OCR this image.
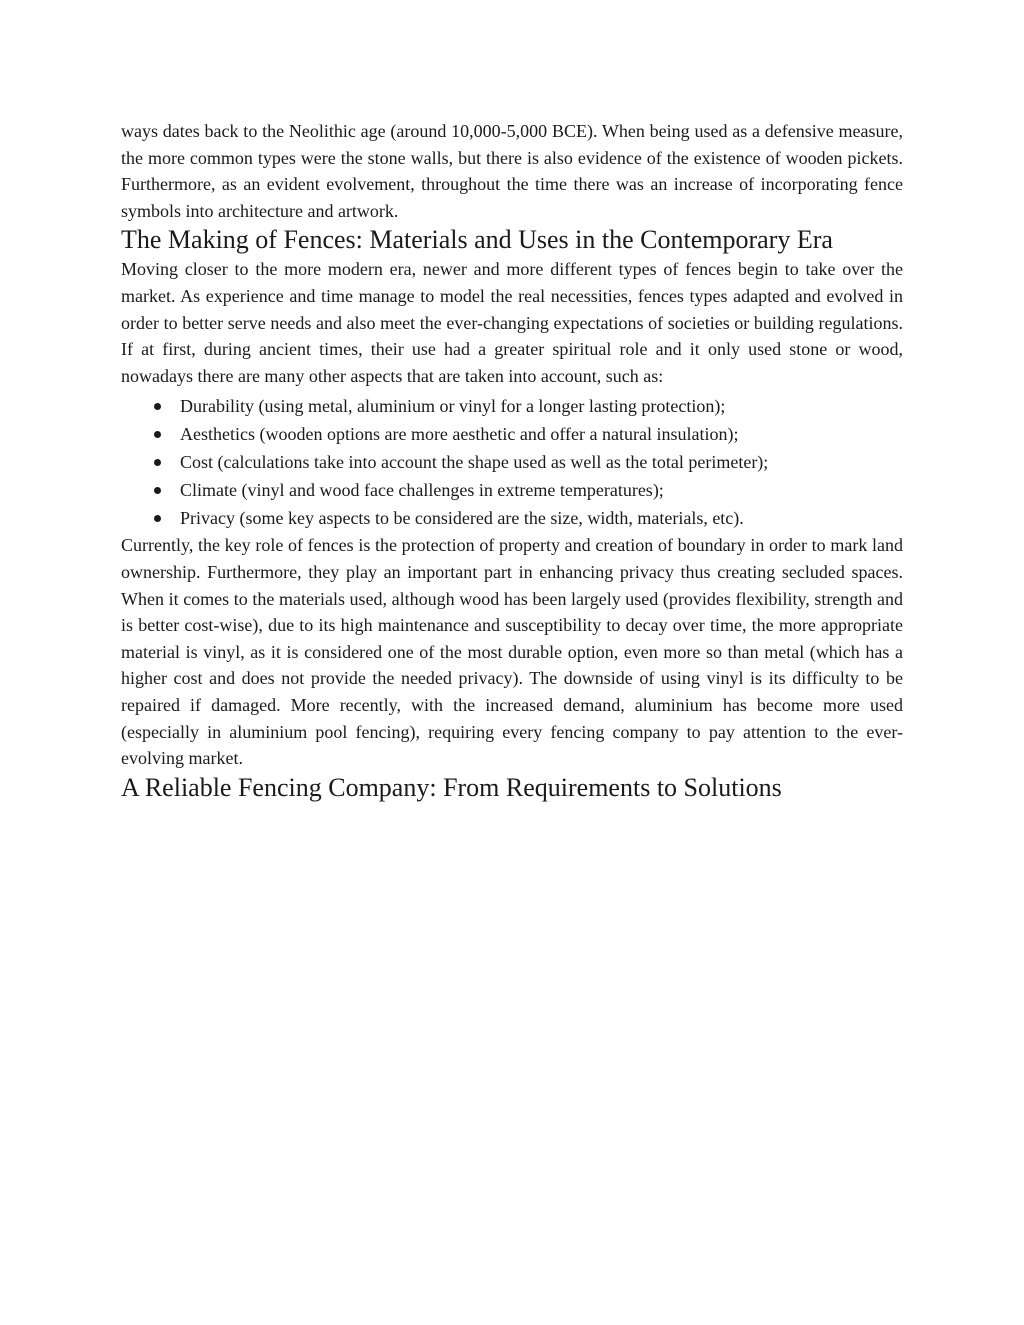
ways dates back to the Neolithic age (around 10,000-5,000 BCE). When being used as a defensive measure, the more common types were the stone walls, but there is also evidence of the existence of wooden pickets. Furthermore, as an evident evolvement, throughout the time there was an increase of incorporating fence symbols into architecture and artwork.

The Making of Fences: Materials and Uses in the Contemporary Era

Moving closer to the more modern era, newer and more different types of fences begin to take over the market. As experience and time manage to model the real necessities, fences types adapted and evolved in order to better serve needs and also meet the ever-changing expectations of societies or building regulations. If at first, during ancient times, their use had a greater spiritual role and it only used stone or wood, nowadays there are many other aspects that are taken into account, such as:

Durability (using metal, aluminium or vinyl for a longer lasting protection);
Aesthetics (wooden options are more aesthetic and offer a natural insulation);
Cost (calculations take into account the shape used as well as the total perimeter);
Climate (vinyl and wood face challenges in extreme temperatures);
Privacy (some key aspects to be considered are the size, width, materials, etc).

Currently, the key role of fences is the protection of property and creation of boundary in order to mark land ownership. Furthermore, they play an important part in enhancing privacy thus creating secluded spaces. When it comes to the materials used, although wood has been largely used (provides flexibility, strength and is better cost-wise), due to its high maintenance and susceptibility to decay over time, the more appropriate material is vinyl, as it is considered one of the most durable option, even more so than metal (which has a higher cost and does not provide the needed privacy). The downside of using vinyl is its difficulty to be repaired if damaged. More recently, with the increased demand, aluminium has become more used (especially in aluminium pool fencing), requiring every fencing company to pay attention to the ever-evolving market.

A Reliable Fencing Company: From Requirements to Solutions
